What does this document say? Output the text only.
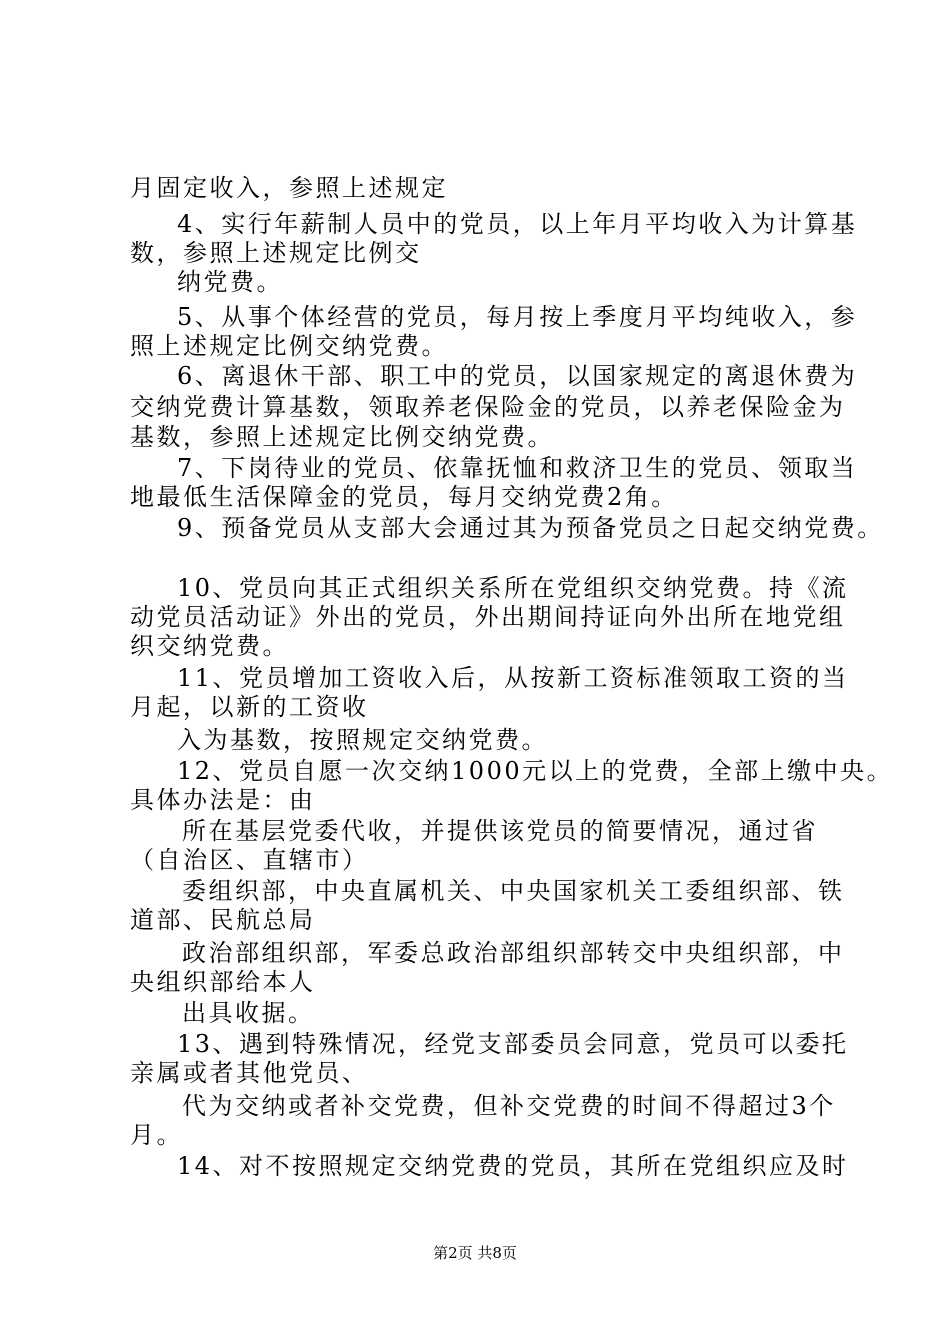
月固定收入，参照上述规定
4、实行年薪制人员中的党员，以上年月平均收入为计算基
数，参照上述规定比例交
纳党费。
5、从事个体经营的党员，每月按上季度月平均纯收入，参
照上述规定比例交纳党费。
6、离退休干部、职工中的党员，以国家规定的离退休费为
交纳党费计算基数，领取养老保险金的党员，以养老保险金为
基数，参照上述规定比例交纳党费。
7、下岗待业的党员、依靠抚恤和救济卫生的党员、领取当
地最低生活保障金的党员，每月交纳党费2角。
9、预备党员从支部大会通过其为预备党员之日起交纳党费。
10、党员向其正式组织关系所在党组织交纳党费。持《流
动党员活动证》外出的党员，外出期间持证向外出所在地党组
织交纳党费。
11、党员增加工资收入后，从按新工资标准领取工资的当
月起，以新的工资收
入为基数，按照规定交纳党费。
12、党员自愿一次交纳1000元以上的党费，全部上缴中央。
具体办法是：由
所在基层党委代收，并提供该党员的简要情况，通过省
（自治区、直辖市）
委组织部，中央直属机关、中央国家机关工委组织部、铁
道部、民航总局
政治部组织部，军委总政治部组织部转交中央组织部，中
央组织部给本人
出具收据。
13、遇到特殊情况，经党支部委员会同意，党员可以委托
亲属或者其他党员、
代为交纳或者补交党费，但补交党费的时间不得超过3个
月。
14、对不按照规定交纳党费的党员，其所在党组织应及时
第2页 共8页
